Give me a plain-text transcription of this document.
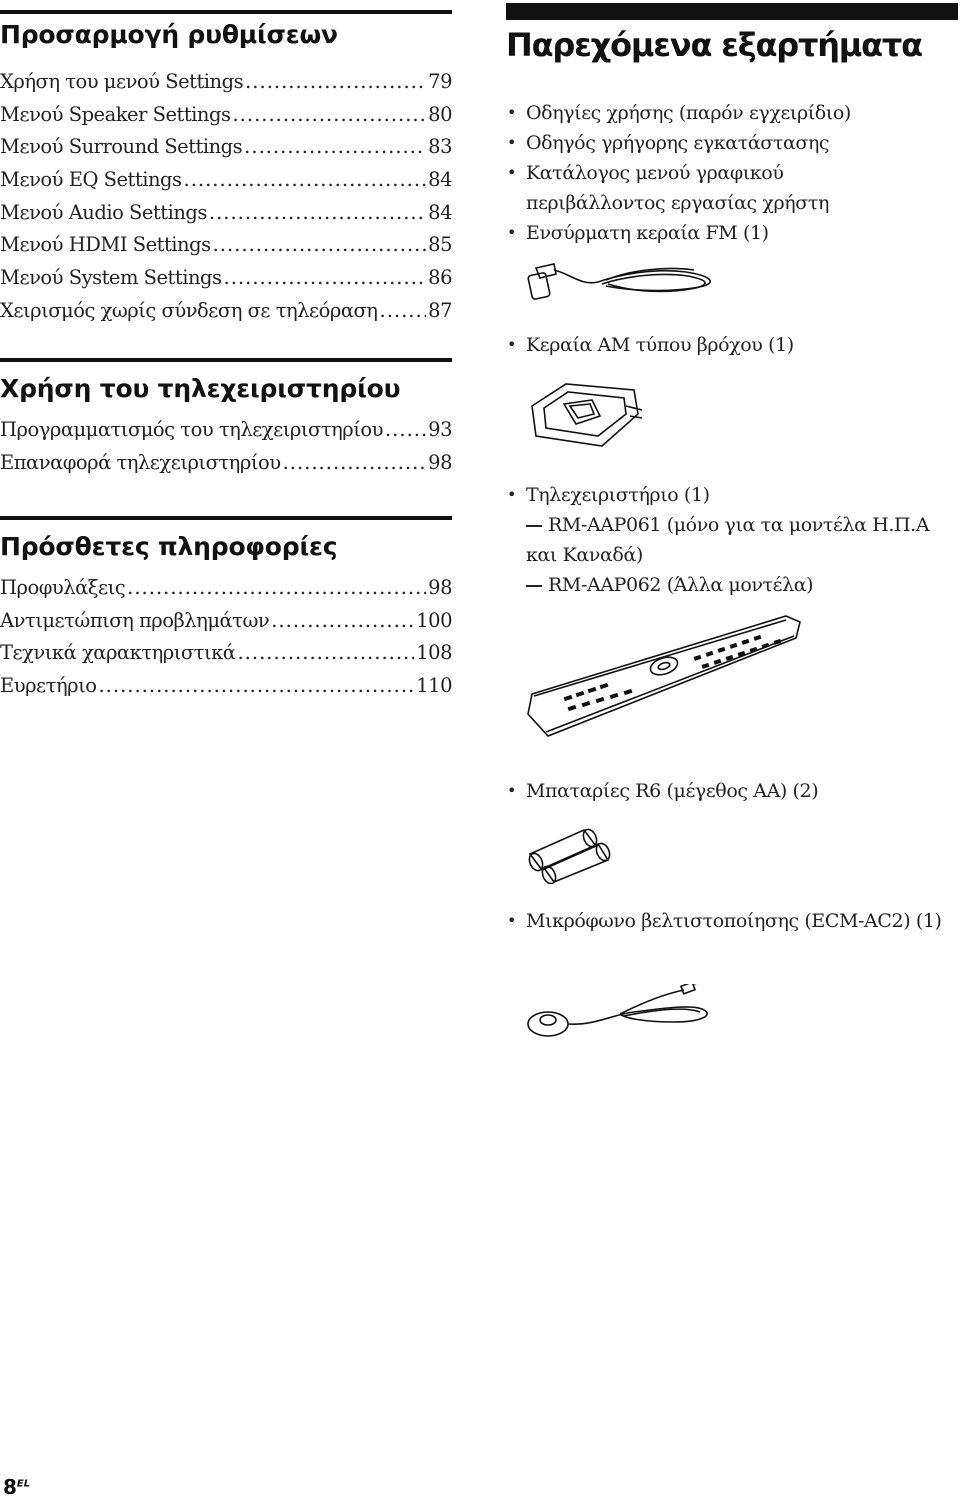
Προσαρμογή ρυθμίσεων
Χρήση του μενού Settings .....	79
Μενού Speaker Settings .....	80
Μενού Surround Settings .....	83
Μενού EQ Settings .....	84
Μενού Audio Settings .....	84
Μενού HDMI Settings .....	85
Μενού System Settings .....	86
Χειρισμός χωρίς σύνδεση σε τηλεόραση .....	87
Χρήση του τηλεχειριστηρίου
Προγραμματισμός του τηλεχειριστηρίου ..... 93
Επαναφορά τηλεχειριστηρίου .....	98
Πρόσθετες πληροφορίες
Προφυλάξεις .....	98
Αντιμετώπιση προβλημάτων .....	100
Τεχνικά χαρακτηριστικά .....	108
Ευρετήριο .....	110
Παρεχόμενα εξαρτήματα
• Οδηγίες χρήσης (παρόν εγχειρίδιο)
• Οδηγός γρήγορης εγκατάστασης
• Κατάλογος μενού γραφικού περιβάλλοντος εργασίας χρήστη
• Ενσύρματη κεραία FM (1)
• Κεραία AM τύπου βρόχου (1)
• Τηλεχειριστήριο (1)
RM-AAP061 (μόνο για τα μοντέλα Η.Π.Α και Καναδά)
RM-AAP062 (Άλλα μοντέλα)
• Μπαταρίες R6 (μέγεθος AA) (2)
• Μικρόφωνο βελτιστοποίησης (ECM-AC2) (1)
$8^{EL}$
